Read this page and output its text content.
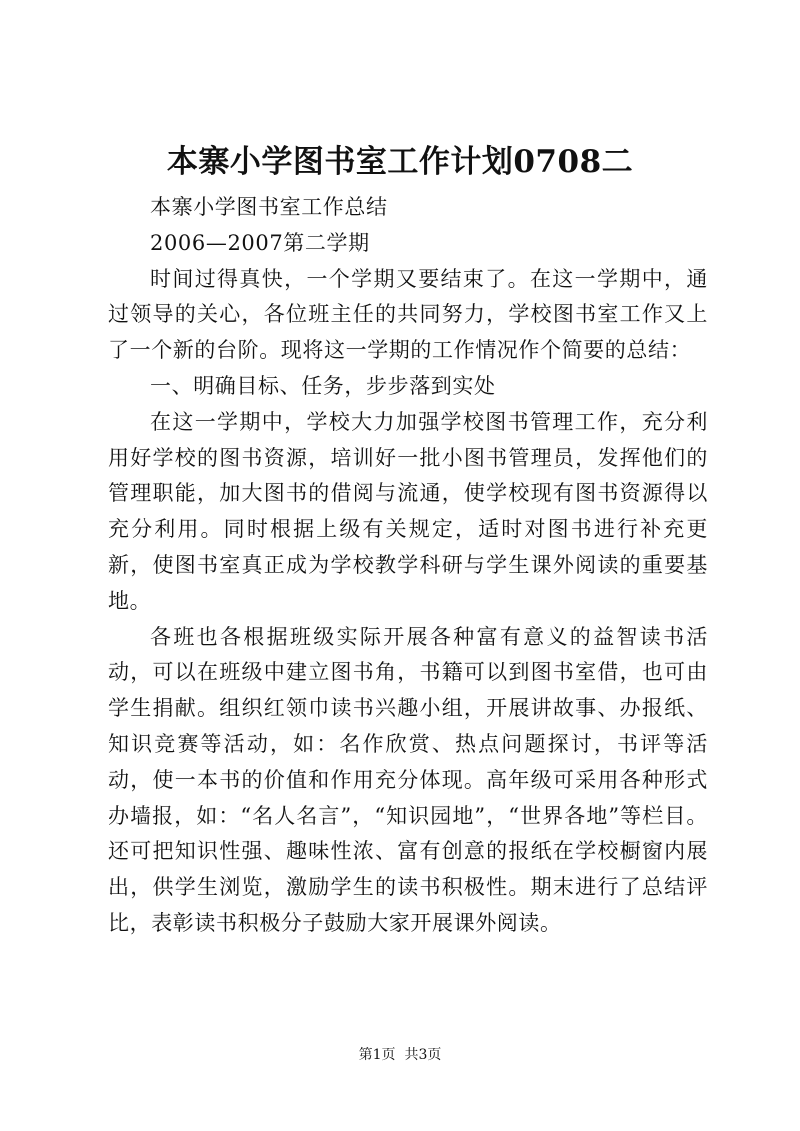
本寨小学图书室工作计划0708二

本寨小学图书室工作总结

2006—2007第二学期

时间过得真快，一个学期又要结束了。在这一学期中，通过领导的关心，各位班主任的共同努力，学校图书室工作又上了一个新的台阶。现将这一学期的工作情况作个简要的总结：

一、明确目标、任务，步步落到实处

在这一学期中，学校大力加强学校图书管理工作，充分利用好学校的图书资源，培训好一批小图书管理员，发挥他们的管理职能，加大图书的借阅与流通，使学校现有图书资源得以充分利用。同时根据上级有关规定，适时对图书进行补充更新，使图书室真正成为学校教学科研与学生课外阅读的重要基地。

各班也各根据班级实际开展各种富有意义的益智读书活动，可以在班级中建立图书角，书籍可以到图书室借，也可由学生捐献。组织红领巾读书兴趣小组，开展讲故事、办报纸、知识竞赛等活动，如：名作欣赏、热点问题探讨，书评等活动，使一本书的价值和作用充分体现。高年级可采用各种形式办墙报，如：“名人名言”，“知识园地”，“世界各地”等栏目。还可把知识性强、趣味性浓、富有创意的报纸在学校橱窗内展出，供学生浏览，激励学生的读书积极性。期末进行了总结评比，表彰读书积极分子鼓励大家开展课外阅读。

第1页 共3页
